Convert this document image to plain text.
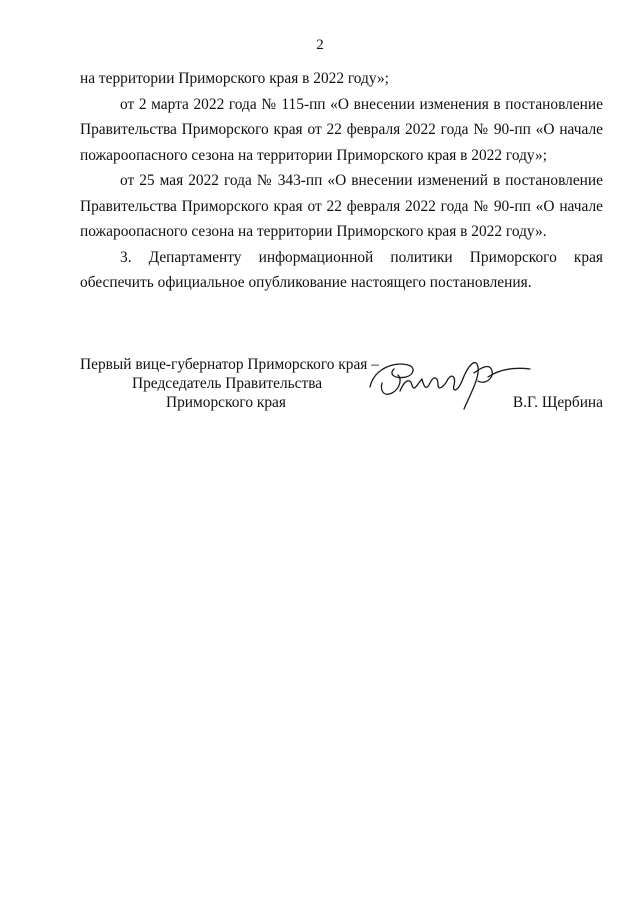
2

на территории Приморского края в 2022 году»;

от 2 марта 2022 года № 115-пп «О внесении изменения в постановление Правительства Приморского края от 22 февраля 2022 года № 90-пп «О начале пожароопасного сезона на территории Приморского края в 2022 году»;

от 25 мая 2022 года № 343-пп «О внесении изменений в постановление Правительства Приморского края от 22 февраля 2022 года № 90-пп «О начале пожароопасного сезона на территории Приморского края в 2022 году».

3. Департаменту информационной политики Приморского края обеспечить официальное опубликование настоящего постановления.

Первый вице-губернатор Приморского края –
Председатель Правительства
Приморского края	В.Г. Щербина
